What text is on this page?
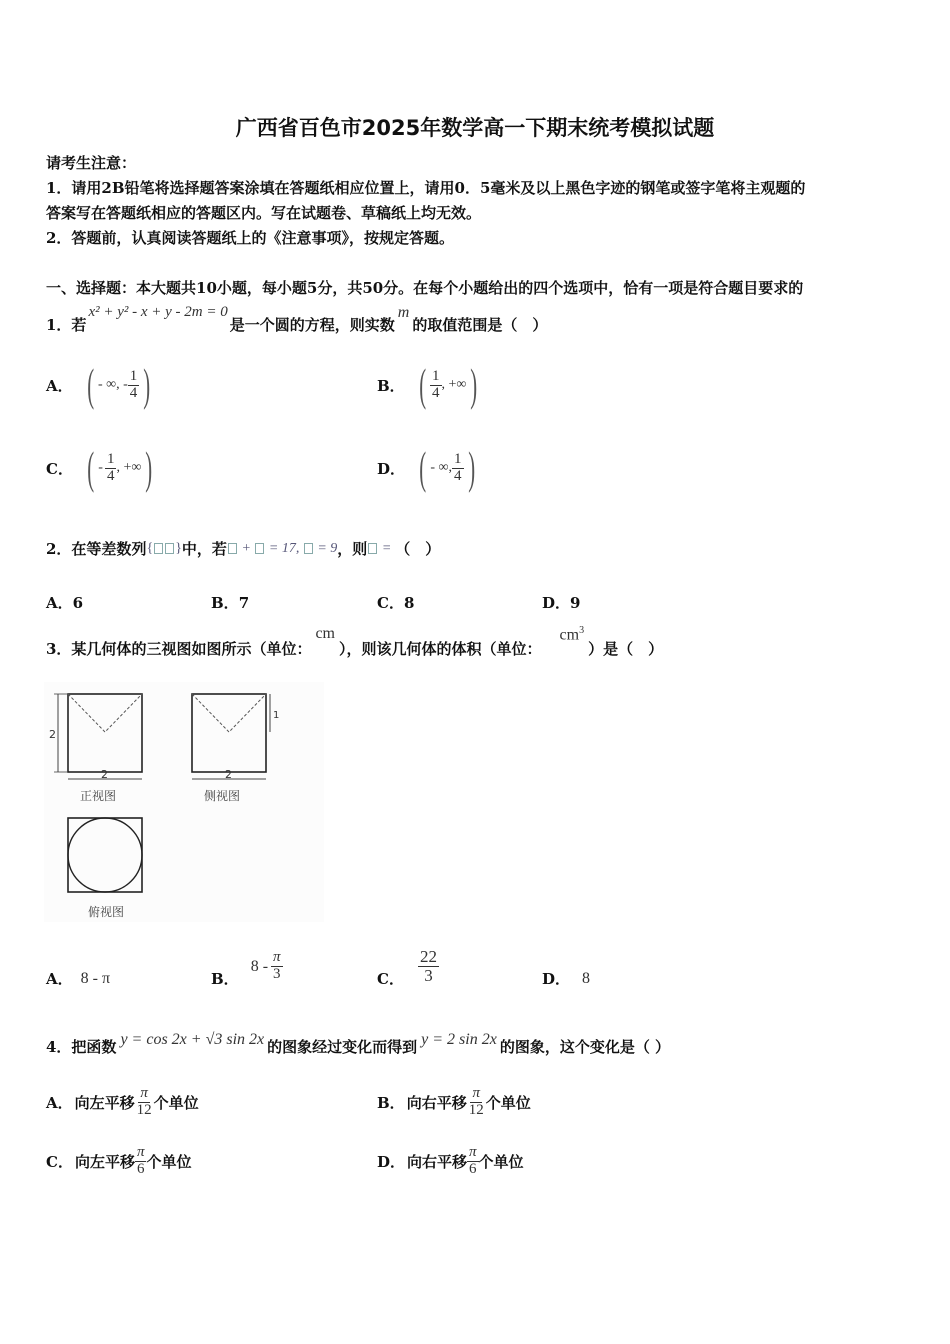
广西省百色市2025年数学高一下期末统考模拟试题
请考生注意：
1．请用2B铅笔将选择题答案涂填在答题纸相应位置上，请用0．5毫米及以上黑色字迹的钢笔或签字笔将主观题的
答案写在答题纸相应的答题区内。写在试题卷、草稿纸上均无效。
2．答题前，认真阅读答题纸上的《注意事项》，按规定答题。
一、选择题：本大题共10小题，每小题5分，共50分。在每个小题给出的四个选项中，恰有一项是符合题目要求的
1．若
x² + y² - x + y - 2m = 0
是一个圆的方程，则实数
m
的取值范围是（　）
A． ( - ∞, - $\frac{1}{4}$ )	B． ( $\frac{1}{4}$ , +∞ )
C． ( - $\frac{1}{4}$ , +∞ )	D． ( - ∞, $\frac{1}{4}$ )
2．在等差数列 { } 中，若	+ = 17, = 9 ，则	= （　）
A．6	B．7	C．8	D．9
3．某几何体的三视图如图所示（单位：
cm
），则该几何体的体积（单位：
$cm^3$
）是（　）
2
2
正视图
1
2
侧视图
俯视图
A． 8 - π	B．
$8 - \frac{\pi}{3}$	C． $\frac{22}{3}$	D． 8
4．把函数 y = cos 2x + √3 sin 2x 的图象经过变化而得到 y = 2 sin 2x 的图象，这个变化是（ ）
A． 向左平移 $\frac{\pi}{12}$ 个单位	B． 向右平移 $\frac{\pi}{12}$ 个单位
C． 向左平移 $\frac{\pi}{6}$ 个单位	D． 向右平移 $\frac{\pi}{6}$ 个单位
